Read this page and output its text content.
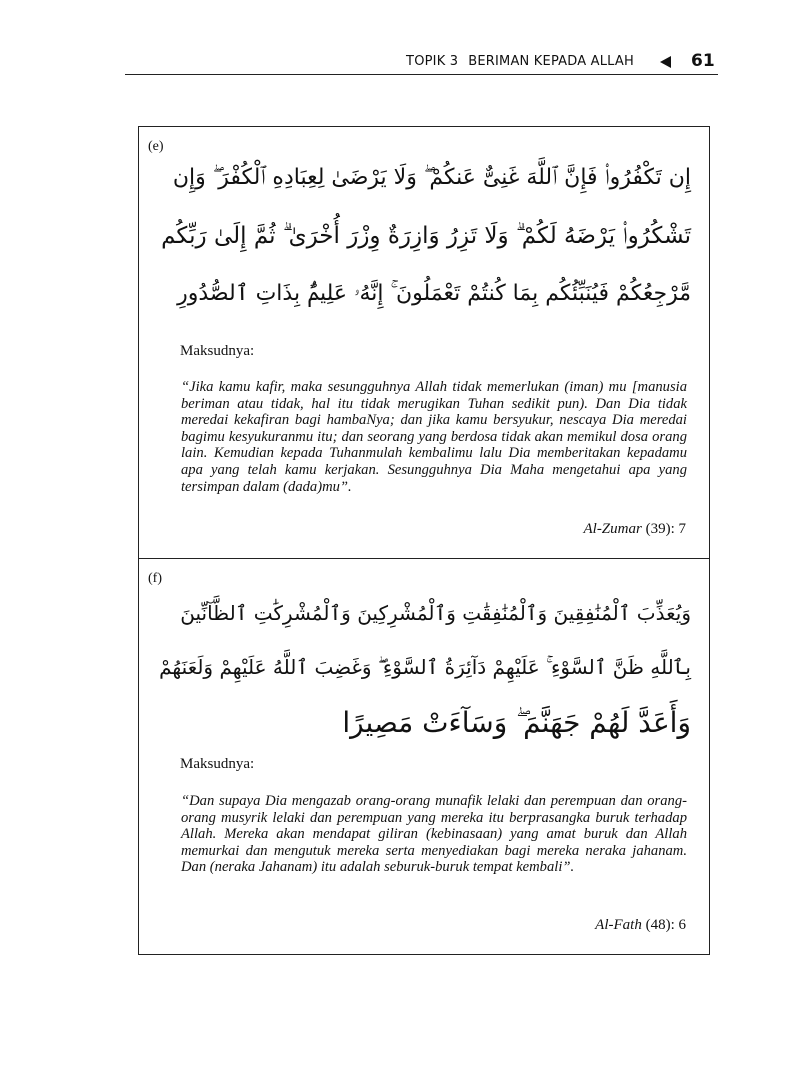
TOPIK 3 BERIMAN KEPADA ALLAH	61
(e)
إِن تَكْفُرُوا۟ فَإِنَّ ٱللَّهَ غَنِىٌّ عَنكُمْ ۖ وَلَا يَرْضَىٰ لِعِبَادِهِ ٱلْكُفْرَ ۖ وَإِن
تَشْكُرُوا۟ يَرْضَهُ لَكُمْ ۗ وَلَا تَزِرُ وَازِرَةٌ وِزْرَ أُخْرَىٰ ۗ ثُمَّ إِلَىٰ رَبِّكُم
مَّرْجِعُكُمْ فَيُنَبِّئُكُم بِمَا كُنتُمْ تَعْمَلُونَ ۚ إِنَّهُۥ عَلِيمٌۢ بِذَاتِ ٱلصُّدُورِ
Maksudnya:
“Jika kamu kafir, maka sesungguhnya Allah tidak memerlukan (iman) mu [manusia beriman atau tidak, hal itu tidak merugikan Tuhan sedikit pun). Dan Dia tidak meredai kekafiran bagi hambaNya; dan jika kamu bersyukur, nescaya Dia meredai bagimu kesyukuranmu itu; dan seorang yang berdosa tidak akan memikul dosa orang lain. Kemudian kepada Tuhanmulah kembalimu lalu Dia memberitakan kepadamu apa yang telah kamu kerjakan. Sesungguhnya Dia Maha mengetahui apa yang tersimpan dalam (dada)mu”.
Al-Zumar (39): 7
(f)
وَيُعَذِّبَ ٱلْمُنَٰفِقِينَ وَٱلْمُنَٰفِقَٰتِ وَٱلْمُشْرِكِينَ وَٱلْمُشْرِكَٰتِ ٱلظَّآنِّينَ
بِٱللَّهِ ظَنَّ ٱلسَّوْءِ ۚ عَلَيْهِمْ دَآئِرَةُ ٱلسَّوْءِ ۖ وَغَضِبَ ٱللَّهُ عَلَيْهِمْ وَلَعَنَهُمْ
وَأَعَدَّ لَهُمْ جَهَنَّمَ ۖ وَسَآءَتْ مَصِيرًا
Maksudnya:
“Dan supaya Dia mengazab orang-orang munafik lelaki dan perempuan dan orang-orang musyrik lelaki dan perempuan yang mereka itu berprasangka buruk terhadap Allah. Mereka akan mendapat giliran (kebinasaan) yang amat buruk dan Allah memurkai dan mengutuk mereka serta menyediakan bagi mereka neraka jahanam. Dan (neraka Jahanam) itu adalah seburuk-buruk tempat kembali”.
Al-Fath (48): 6
